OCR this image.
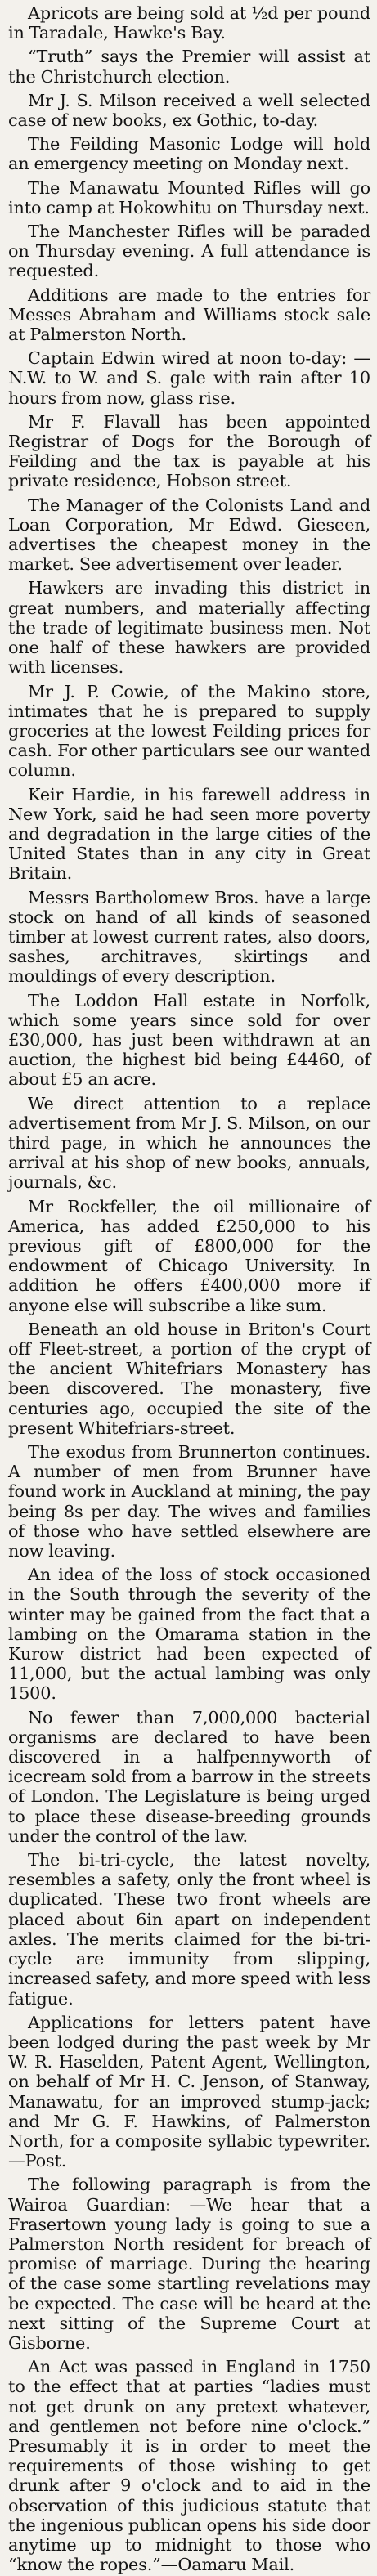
Apricots are being sold at ½d per pound in Taradale, Hawke's Bay.

“Truth” says the Premier will assist at the Christchurch election.

Mr J. S. Milson received a well selected case of new books, ex Gothic, to-day.

The Feilding Masonic Lodge will hold an emergency meeting on Monday next.

The Manawatu Mounted Rifles will go into camp at Hokowhitu on Thursday next.

The Manchester Rifles will be paraded on Thursday evening. A full attendance is requested.

Additions are made to the entries for Messes Abraham and Williams stock sale at Palmerston North.

Captain Edwin wired at noon to-day: —N.W. to W. and S. gale with rain after 10 hours from now, glass rise.

Mr F. Flavall has been appointed Registrar of Dogs for the Borough of Feilding and the tax is payable at his private residence, Hobson street.

The Manager of the Colonists Land and Loan Corporation, Mr Edwd. Gieseen, advertises the cheapest money in the market. See advertisement over leader.

Hawkers are invading this district in great numbers, and materially affecting the trade of legitimate business men. Not one half of these hawkers are provided with licenses.

Mr J. P. Cowie, of the Makino store, intimates that he is prepared to supply groceries at the lowest Feilding prices for cash. For other particulars see our wanted column.

Keir Hardie, in his farewell address in New York, said he had seen more poverty and degradation in the large cities of the United States than in any city in Great Britain.

Messrs Bartholomew Bros. have a large stock on hand of all kinds of seasoned timber at lowest current rates, also doors, sashes, architraves, skirtings and mouldings of every description.

The Loddon Hall estate in Norfolk, which some years since sold for over £30,000, has just been withdrawn at an auction, the highest bid being £4460, of about £5 an acre.

We direct attention to a replace advertisement from Mr J. S. Milson, on our third page, in which he announces the arrival at his shop of new books, annuals, journals, &c.

Mr Rockfeller, the oil millionaire of America, has added £250,000 to his previous gift of £800,000 for the endowment of Chicago University. In addition he offers £400,000 more if anyone else will subscribe a like sum.

Beneath an old house in Briton's Court off Fleet-street, a portion of the crypt of the ancient Whitefriars Monastery has been discovered. The monastery, five centuries ago, occupied the site of the present Whitefriars-street.

The exodus from Brunnerton continues. A number of men from Brunner have found work in Auckland at mining, the pay being 8s per day. The wives and families of those who have settled elsewhere are now leaving.

An idea of the loss of stock occasioned in the South through the severity of the winter may be gained from the fact that a lambing on the Omarama station in the Kurow district had been expected of 11,000, but the actual lambing was only 1500.

No fewer than 7,000,000 bacterial organisms are declared to have been discovered in a halfpennyworth of icecream sold from a barrow in the streets of London. The Legislature is being urged to place these disease-breeding grounds under the control of the law.

The bi-tri-cycle, the latest novelty, resembles a safety, only the front wheel is duplicated. These two front wheels are placed about 6in apart on independent axles. The merits claimed for the bi-tri-cycle are immunity from slipping, increased safety, and more speed with less fatigue.

Applications for letters patent have been lodged during the past week by Mr W. R. Haselden, Patent Agent, Wellington, on behalf of Mr H. C. Jenson, of Stanway, Manawatu, for an improved stump-jack; and Mr G. F. Hawkins, of Palmerston North, for a composite syllabic typewriter.—Post.

The following paragraph is from the Wairoa Guardian: —We hear that a Frasertown young lady is going to sue a Palmerston North resident for breach of promise of marriage. During the hearing of the case some startling revelations may be expected. The case will be heard at the next sitting of the Supreme Court at Gisborne.

An Act was passed in England in 1750 to the effect that at parties “ladies must not get drunk on any pretext whatever, and gentlemen not before nine o'clock.” Presumably it is in order to meet the requirements of those wishing to get drunk after 9 o'clock and to aid in the observation of this judicious statute that the ingenious publican opens his side door anytime up to midnight to those who “know the ropes.”—Oamaru Mail.
